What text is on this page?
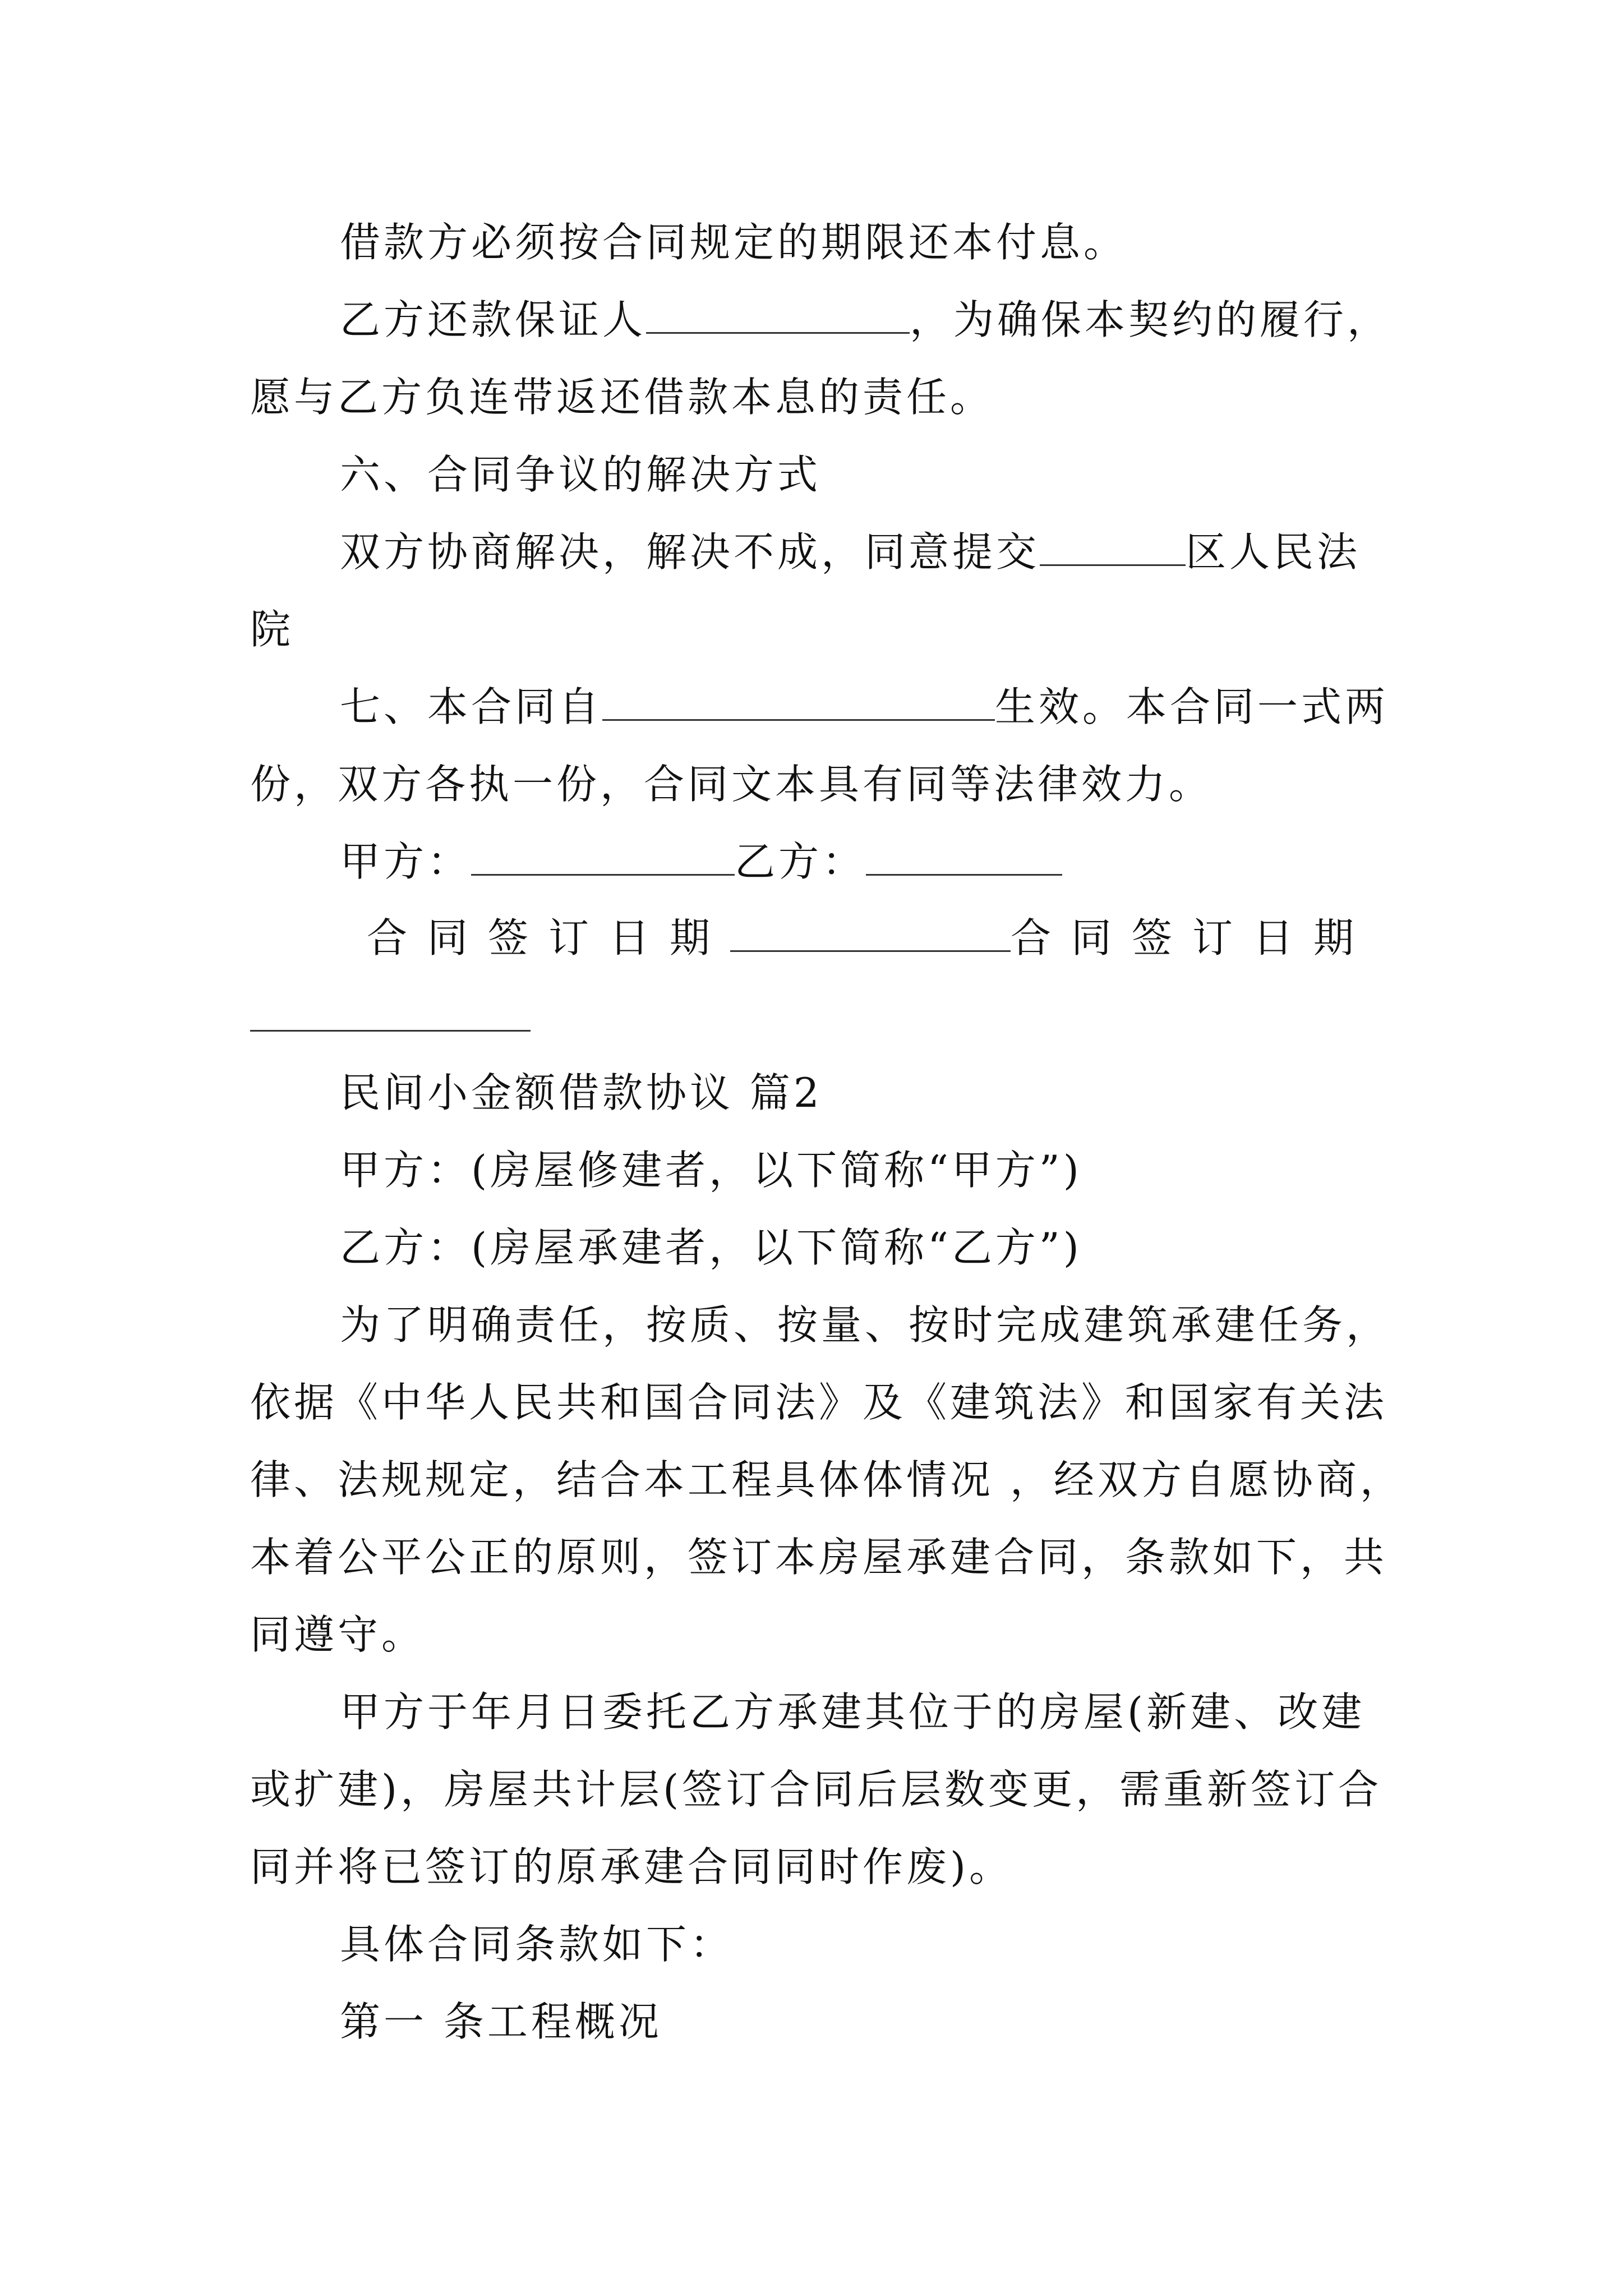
借款方必须按合同规定的期限还本付息。
乙方还款保证人	，为确保本契约的履行，
愿与乙方负连带返还借款本息的责任。
六、合同争议的解决方式
双方协商解决，解决不成，同意提交	区人民法
院
七、本合同自	生效。本合同一式两
份，双方各执一份，合同文本具有同等法律效力。
甲方：	乙方：
合同签订日期	合同签订日期
民间小金额借款协议 篇2
甲方：(房屋修建者，以下简称“甲方”)
乙方：(房屋承建者，以下简称“乙方”)
为了明确责任，按质、按量、按时完成建筑承建任务，
依据《中华人民共和国合同法》及《建筑法》和国家有关法
律、法规规定，结合本工程具体体情况 ，经双方自愿协商，
本着公平公正的原则，签订本房屋承建合同，条款如下，共
同遵守。
甲方于年月日委托乙方承建其位于的房屋(新建、改建
或扩建)，房屋共计层(签订合同后层数变更，需重新签订合
同并将已签订的原承建合同同时作废)。
具体合同条款如下：
第一 条工程概况
